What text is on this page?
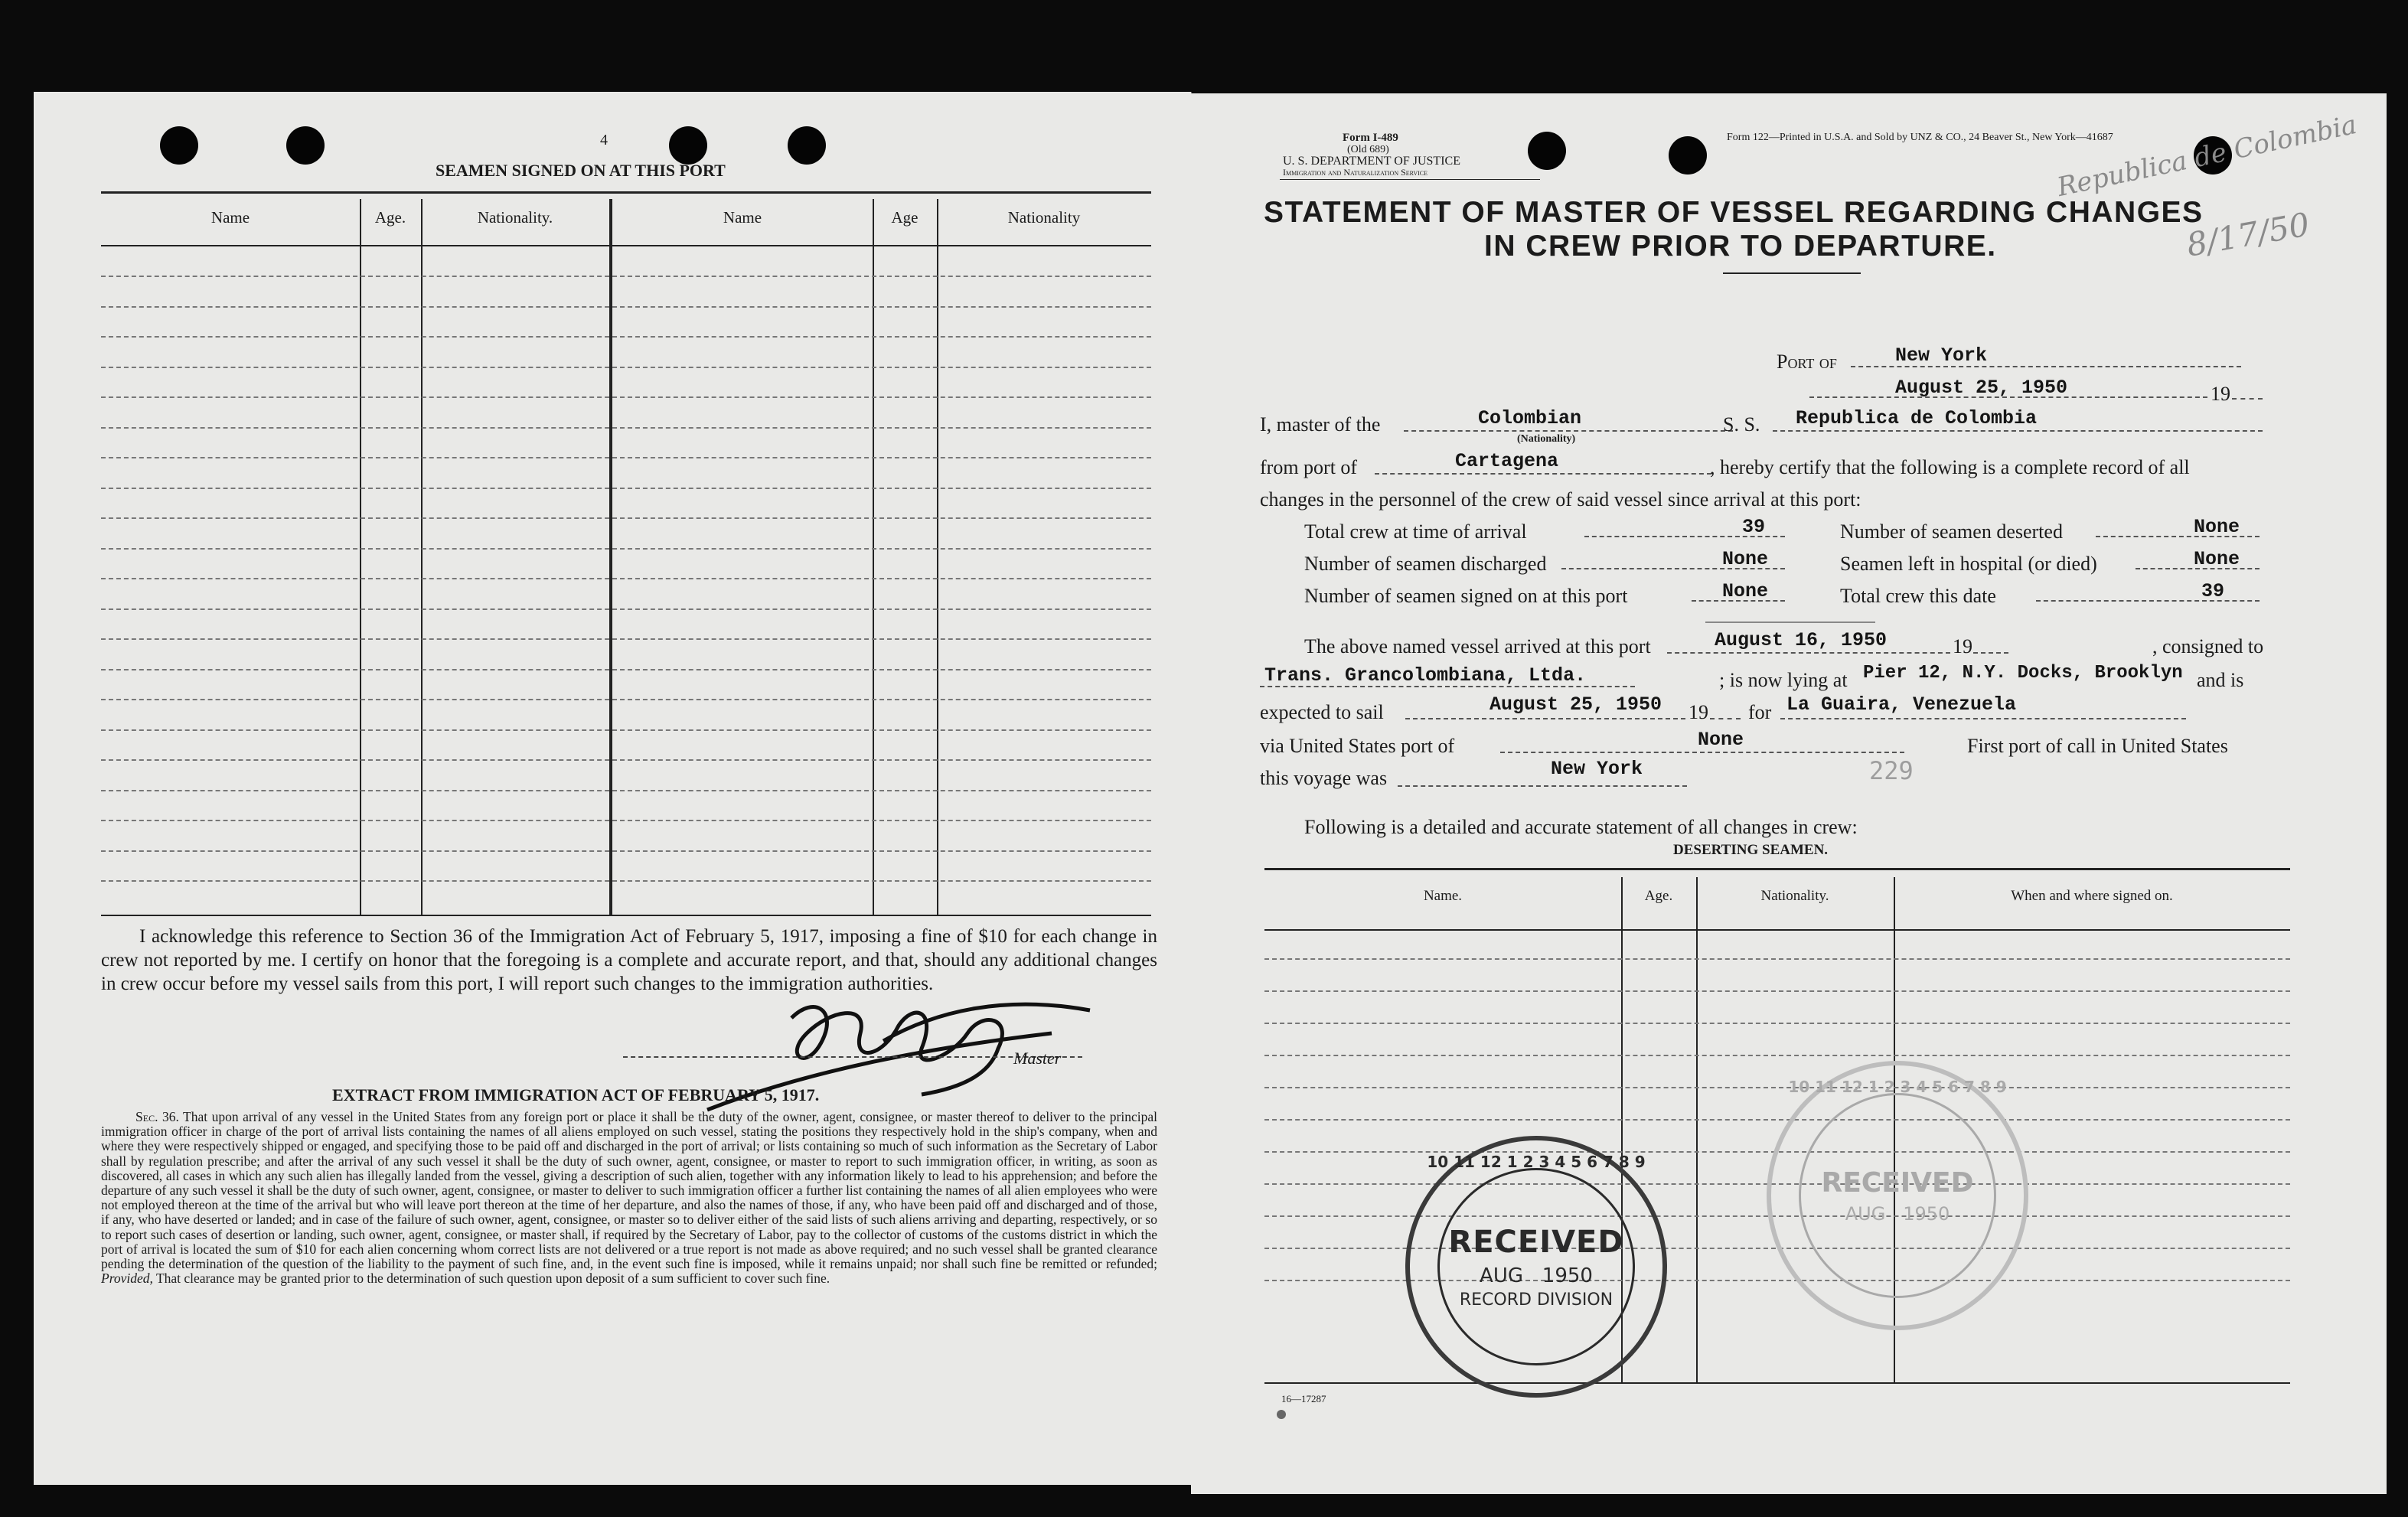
4
SEAMEN SIGNED ON AT THIS PORT
Name	Age.	Nationality.	Name	Age	Nationality
I acknowledge this reference to Section 36 of the Immigration Act of February 5, 1917, imposing a fine of $10 for each change in crew not reported by me. I certify on honor that the foregoing is a complete and accurate report, and that, should any additional changes in crew occur before my vessel sails from this port, I will report such changes to the immigration authorities.
Master
EXTRACT FROM IMMIGRATION ACT OF FEBRUARY 5, 1917.
Sec. 36. That upon arrival of any vessel in the United States from any foreign port or place it shall be the duty of the owner, agent, consignee, or master thereof to deliver to the principal immigration officer in charge of the port of arrival lists containing the names of all aliens employed on such vessel, stating the positions they respectively hold in the ship's company, when and where they were respectively shipped or engaged, and specifying those to be paid off and discharged in the port of arrival; or lists containing so much of such information as the Secretary of Labor shall by regulation prescribe; and after the arrival of any such vessel it shall be the duty of such owner, agent, consignee, or master to report to such immigration officer, in writing, as soon as discovered, all cases in which any such alien has illegally landed from the vessel, giving a description of such alien, together with any information likely to lead to his apprehension; and before the departure of any such vessel it shall be the duty of such owner, agent, consignee, or master to deliver to such immigration officer a further list containing the names of all alien employees who were not employed thereon at the time of the arrival but who will leave port thereon at the time of her departure, and also the names of those, if any, who have been paid off and discharged and of those, if any, who have deserted or landed; and in case of the failure of such owner, agent, consignee, or master so to deliver either of the said lists of such aliens arriving and departing, respectively, or so to report such cases of desertion or landing, such owner, agent, consignee, or master shall, if required by the Secretary of Labor, pay to the collector of customs of the customs district in which the port of arrival is located the sum of $10 for each alien concerning whom correct lists are not delivered or a true report is not made as above required; and no such vessel shall be granted clearance pending the determination of the question of the liability to the payment of such fine, and, in the event such fine is imposed, while it remains unpaid; nor shall such fine be remitted or refunded; Provided, That clearance may be granted prior to the determination of such question upon deposit of a sum sufficient to cover such fine.
Form I-489
(Old 689)
U. S. DEPARTMENT OF JUSTICE
Immigration and Naturalization Service
Form 122—Printed in U.S.A. and Sold by UNZ & CO., 24 Beaver St., New York—41687
STATEMENT OF MASTER OF VESSEL REGARDING CHANGES
IN CREW PRIOR TO DEPARTURE.
Republica de Colombia
8/17/50
Port of	New York
August 25, 1950	19
I, master of the	Colombian
(Nationality)
S. S. Republica de Colombia
from port of	Cartagena	, hereby certify that the following is a complete record of all
changes in the personnel of the crew of said vessel since arrival at this port:
Total crew at time of arrival	39
Number of seamen discharged	None
Number of seamen signed on at this port	None
Number of seamen deserted	None
Seamen left in hospital (or died)	None
Total crew this date	39
The above named vessel arrived at this port	August 16, 1950	19	, consigned to
Trans. Grancolombiana, Ltda.	; is now lying at Pier 12, N.Y. Docks, Brooklyn and is
expected to sail	August 25, 1950 19 for La Guaira, Venezuela
via United States port of	None	First port of call in United States
this voyage was	New York	229
Following is a detailed and accurate statement of all changes in crew:
DESERTING SEAMEN.
Name.	Age.	Nationality.	When and where signed on.
RECEIVED
AUG 1950
RECORD DIVISION
10 11 12 1 2 3 4 5 6 7 8 9
RECEIVED
AUG 1950
10 11 12 1 2 3 4 5 6 7 8 9
16—17287
